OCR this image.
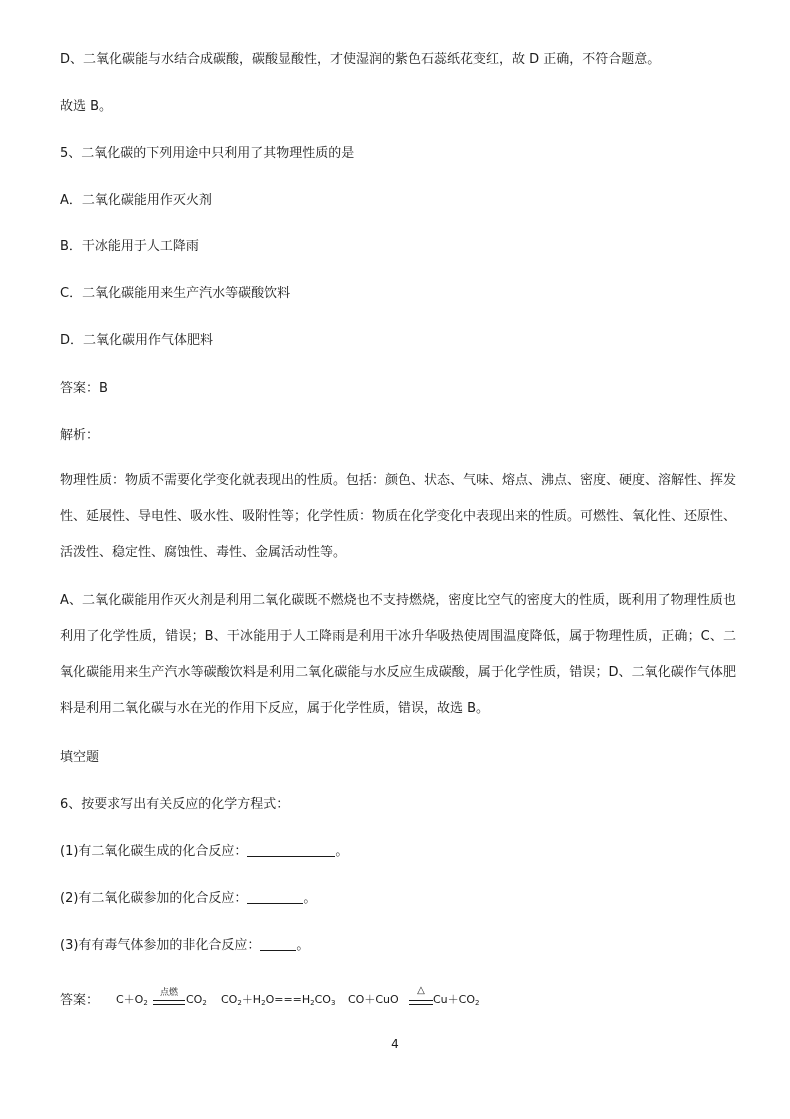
D、二氧化碳能与水结合成碳酸，碳酸显酸性，才使湿润的紫色石蕊纸花变红，故 D 正确，不符合题意。
故选 B。
5、二氧化碳的下列用途中只利用了其物理性质的是
A．二氧化碳能用作灭火剂
B．干冰能用于人工降雨
C．二氧化碳能用来生产汽水等碳酸饮料
D．二氧化碳用作气体肥料
答案：B
解析：
物理性质：物质不需要化学变化就表现出的性质。包括：颜色、状态、气味、熔点、沸点、密度、硬度、溶解性、挥发性、延展性、导电性、吸水性、吸附性等；化学性质：物质在化学变化中表现出来的性质。可燃性、氧化性、还原性、活泼性、稳定性、腐蚀性、毒性、金属活动性等。
A、二氧化碳能用作灭火剂是利用二氧化碳既不燃烧也不支持燃烧，密度比空气的密度大的性质，既利用了物理性质也利用了化学性质，错误；B、干冰能用于人工降雨是利用干冰升华吸热使周围温度降低，属于物理性质，正确；C、二氧化碳能用来生产汽水等碳酸饮料是利用二氧化碳能与水反应生成碳酸，属于化学性质，错误；D、二氧化碳作气体肥料是利用二氧化碳与水在光的作用下反应，属于化学性质，错误，故选 B。
填空题
6、按要求写出有关反应的化学方程式：
(1)有二氧化碳生成的化合反应：	。
(2)有二氧化碳参加的化合反应：	。
(3)有有毒气体参加的非化合反应：	。
答案：	$C+O_2$
点燃 $CO_2$ $CO_2+H_2O===H_2CO_3$ CO＋CuO
△
$Cu+CO_2$
4
